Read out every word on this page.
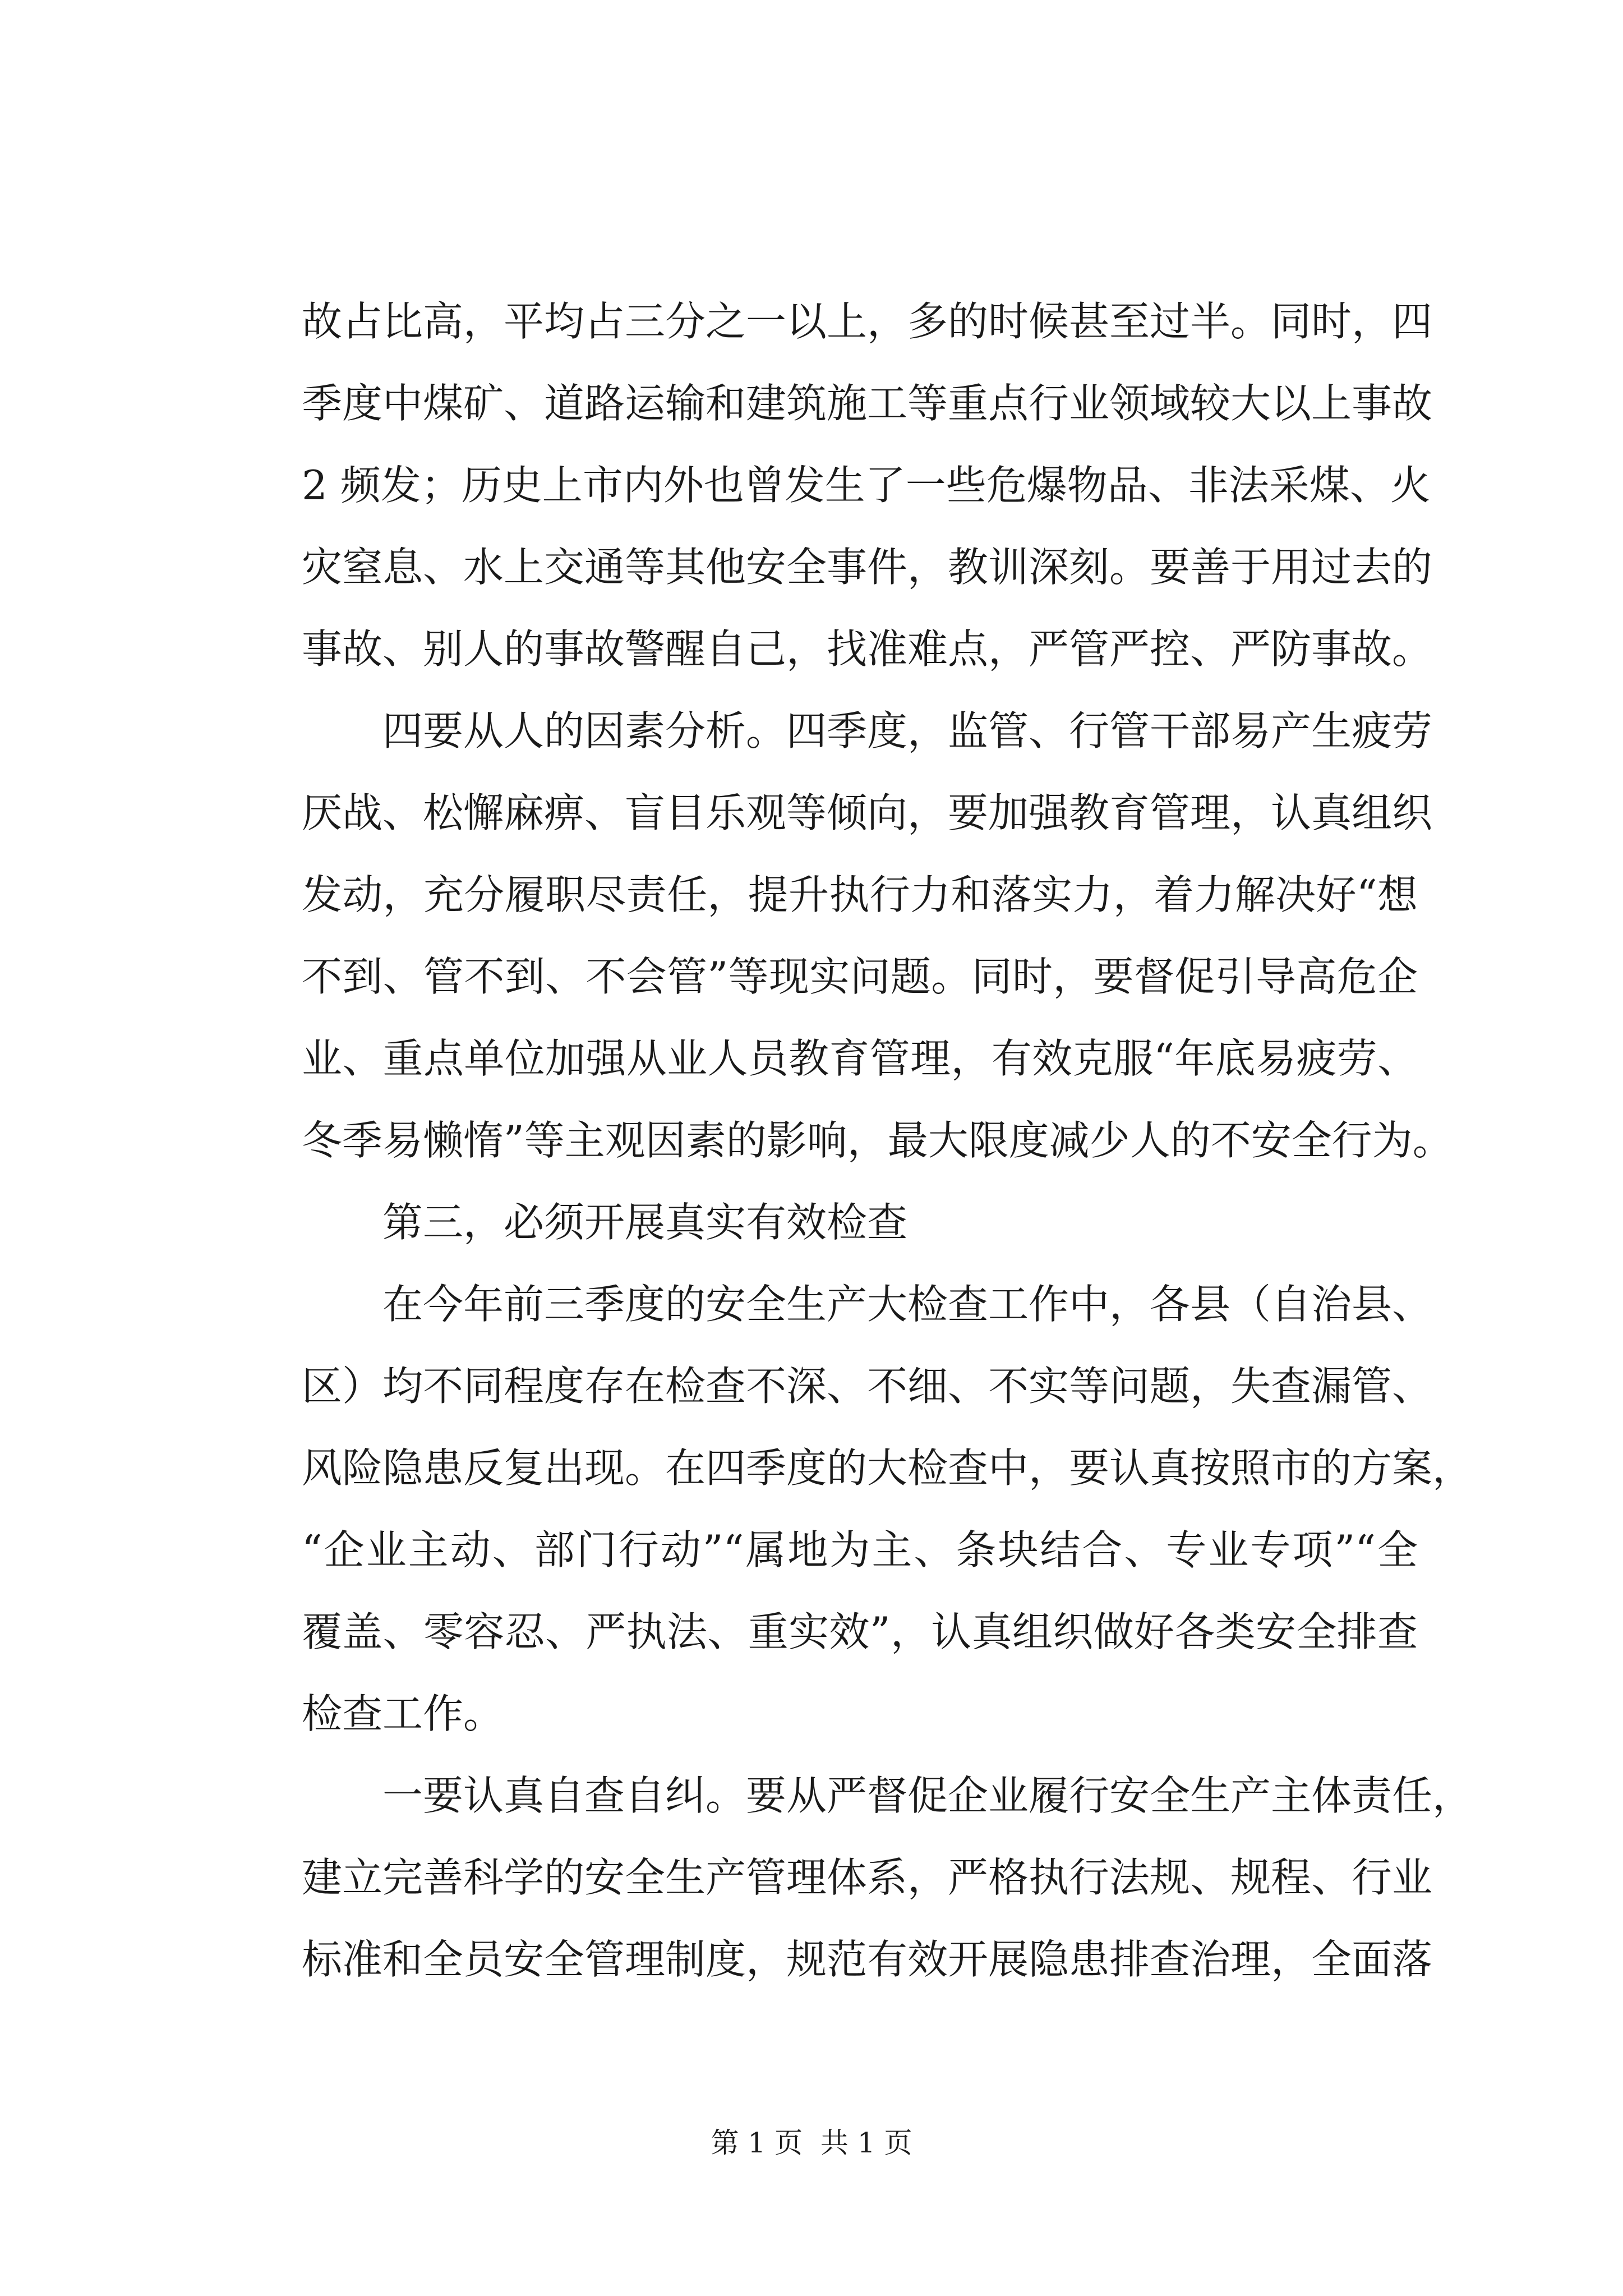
故占比高，平均占三分之一以上，多的时候甚至过半。同时，四
季度中煤矿、道路运输和建筑施工等重点行业领域较大以上事故
2 频发；历史上市内外也曾发生了一些危爆物品、非法采煤、火
灾窒息、水上交通等其他安全事件，教训深刻。要善于用过去的
事故、别人的事故警醒自己，找准难点，严管严控、严防事故。
　　四要从人的因素分析。四季度，监管、行管干部易产生疲劳
厌战、松懈麻痹、盲目乐观等倾向，要加强教育管理，认真组织
发动，充分履职尽责任，提升执行力和落实力，着力解决好“想
不到、管不到、不会管”等现实问题。同时，要督促引导高危企
业、重点单位加强从业人员教育管理，有效克服“年底易疲劳、
冬季易懒惰”等主观因素的影响，最大限度减少人的不安全行为。
　　第三，必须开展真实有效检查
　　在今年前三季度的安全生产大检查工作中，各县（自治县、
区）均不同程度存在检查不深、不细、不实等问题，失查漏管、
风险隐患反复出现。在四季度的大检查中，要认真按照市的方案，
“企业主动、部门行动”“属地为主、条块结合、专业专项”“全
覆盖、零容忍、严执法、重实效”，认真组织做好各类安全排查
检查工作。
　　一要认真自查自纠。要从严督促企业履行安全生产主体责任，
建立完善科学的安全生产管理体系，严格执行法规、规程、行业
标准和全员安全管理制度，规范有效开展隐患排查治理，全面落
第 1 页  共 1 页
